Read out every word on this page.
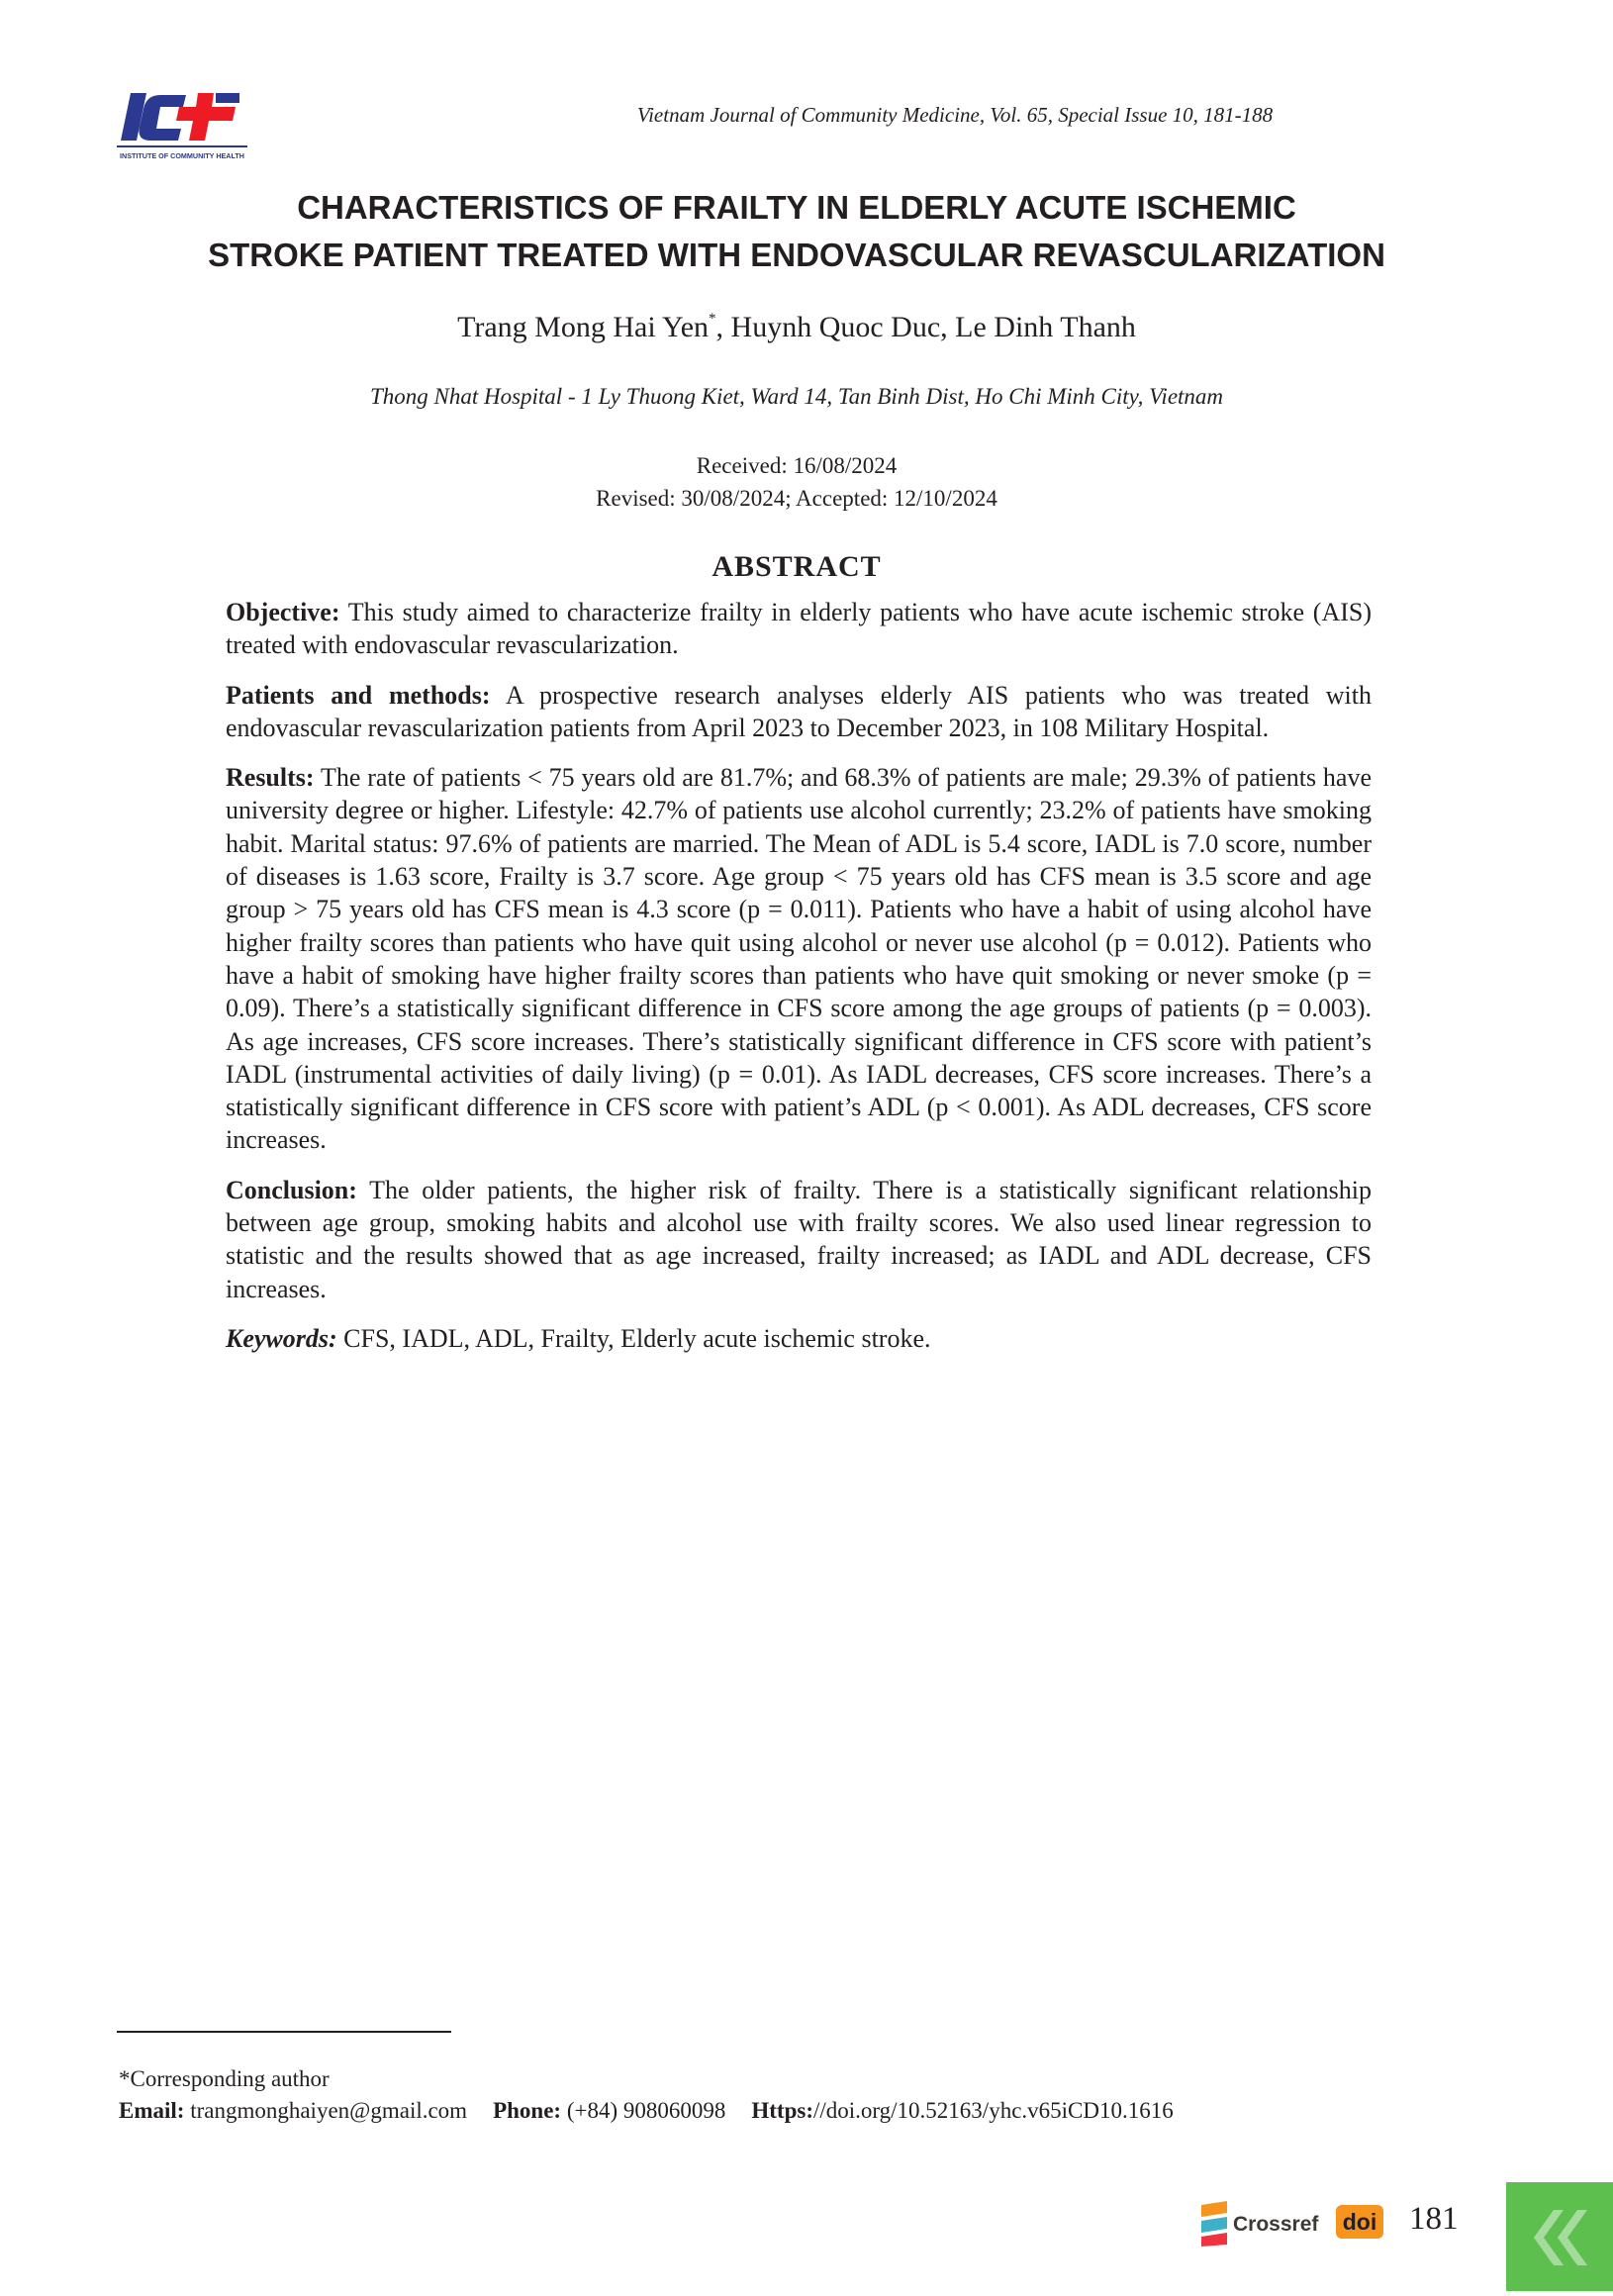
INSTITUTE OF COMMUNITY HEALTH
Vietnam Journal of Community Medicine, Vol. 65, Special Issue 10, 181-188
CHARACTERISTICS OF FRAILTY IN ELDERLY ACUTE ISCHEMIC
STROKE PATIENT TREATED WITH ENDOVASCULAR REVASCULARIZATION
Trang Mong Hai Yen*, Huynh Quoc Duc, Le Dinh Thanh
Thong Nhat Hospital - 1 Ly Thuong Kiet, Ward 14, Tan Binh Dist, Ho Chi Minh City, Vietnam
Received: 16/08/2024
Revised: 30/08/2024; Accepted: 12/10/2024
ABSTRACT

Objective: This study aimed to characterize frailty in elderly patients who have acute ischemic stroke (AIS) treated with endovascular revascularization.

Patients and methods: A prospective research analyses elderly AIS patients who was treated with endovascular revascularization patients from April 2023 to December 2023, in 108 Military Hospital.

Results: The rate of patients < 75 years old are 81.7%; and 68.3% of patients are male; 29.3% of patients have university degree or higher. Lifestyle: 42.7% of patients use alcohol currently; 23.2% of patients have smoking habit. Marital status: 97.6% of patients are married. The Mean of ADL is 5.4 score, IADL is 7.0 score, number of diseases is 1.63 score, Frailty is 3.7 score. Age group < 75 years old has CFS mean is 3.5 score and age group > 75 years old has CFS mean is 4.3 score (p = 0.011). Patients who have a habit of using alcohol have higher frailty scores than patients who have quit using alcohol or never use alcohol (p = 0.012). Patients who have a habit of smoking have higher frailty scores than patients who have quit smoking or never smoke (p = 0.09). There’s a statistically significant difference in CFS score among the age groups of patients (p = 0.003). As age increases, CFS score increases. There’s statistically significant difference in CFS score with patient’s IADL (instrumental activities of daily living) (p = 0.01). As IADL decreases, CFS score increases. There’s a statistically significant difference in CFS score with patient’s ADL (p < 0.001). As ADL decreases, CFS score increases.

Conclusion: The older patients, the higher risk of frailty. There is a statistically significant relationship between age group, smoking habits and alcohol use with frailty scores. We also used linear regression to statistic and the results showed that as age increased, frailty increased; as IADL and ADL decrease, CFS increases.

Keywords: CFS, IADL, ADL, Frailty, Elderly acute ischemic stroke.

*Corresponding author
Email: trangmonghaiyen@gmail.com Phone: (+84) 908060098 Https://doi.org/10.52163/yhc.v65iCD10.1616
Crossref doi 181
